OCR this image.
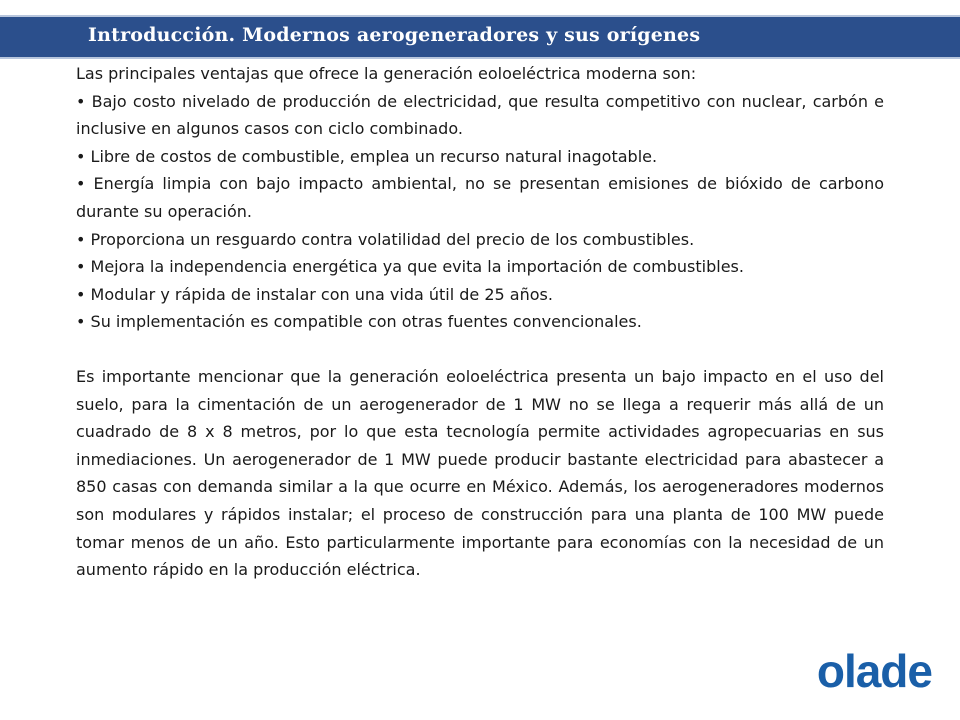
Introducción. Modernos aerogeneradores y sus orígenes

Las principales ventajas que ofrece la generación eoloeléctrica moderna son:

• Bajo costo nivelado de producción de electricidad, que resulta competitivo con nuclear, carbón e inclusive en algunos casos con ciclo combinado.
• Libre de costos de combustible, emplea un recurso natural inagotable.
• Energía limpia con bajo impacto ambiental, no se presentan emisiones de bióxido de carbono durante su operación.
• Proporciona un resguardo contra volatilidad del precio de los combustibles.
• Mejora la independencia energética ya que evita la importación de combustibles.
• Modular y rápida de instalar con una vida útil de 25 años.
• Su implementación es compatible con otras fuentes convencionales.

Es importante mencionar que la generación eoloeléctrica presenta un bajo impacto en el uso del suelo, para la cimentación de un aerogenerador de 1 MW no se llega a requerir más allá de un cuadrado de 8 x 8 metros, por lo que esta tecnología permite actividades agropecuarias en sus inmediaciones. Un aerogenerador de 1 MW puede producir bastante electricidad para abastecer a 850 casas con demanda similar a la que ocurre en México. Además, los aerogeneradores modernos son modulares y rápidos instalar; el proceso de construcción para una planta de 100 MW puede tomar menos de un año. Esto particularmente importante para economías con la necesidad de un aumento rápido en la producción eléctrica.

olade
